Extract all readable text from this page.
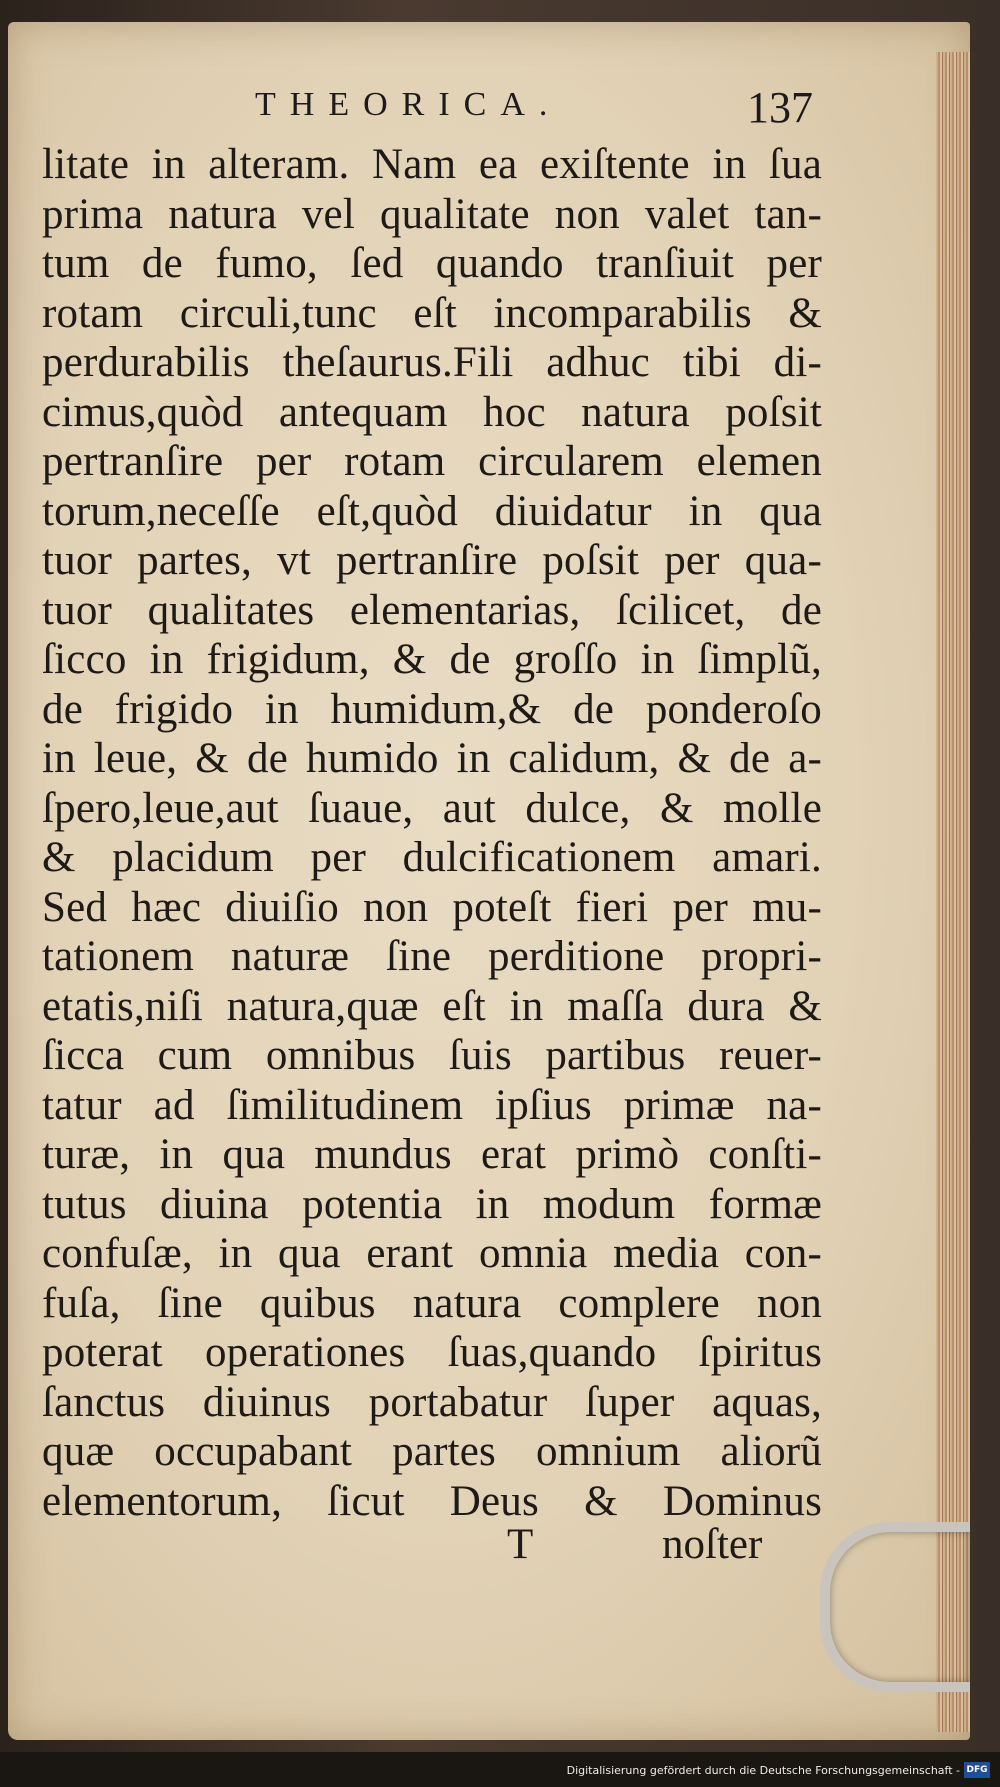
THEORICA.	137
litate in alteram. Nam ea exiſtente in ſua
prima natura vel qualitate non valet tan-
tum de fumo, ſed quando tranſiuit per
rotam circuli,tunc eſt incomparabilis &
perdurabilis theſaurus.Fili adhuc tibi di-
cimus,quòd antequam hoc natura poſsit
pertranſire per rotam circularem elemen
torum,neceſſe eſt,quòd diuidatur in qua
tuor partes, vt pertranſire poſsit per qua-
tuor qualitates elementarias, ſcilicet, de
ſicco in frigidum, & de groſſo in ſimplũ,
de frigido in humidum,& de ponderoſo
in leue, & de humido in calidum, & de a-
ſpero,leue,aut ſuaue, aut dulce, & molle
& placidum per dulcificationem amari.
Sed hæc diuiſio non poteſt fieri per mu-
tationem naturæ ſine perditione propri-
etatis,niſi natura,quæ eſt in maſſa dura &
ſicca cum omnibus ſuis partibus reuer-
tatur ad ſimilitudinem ipſius primæ na-
turæ, in qua mundus erat primò conſti-
tutus diuina potentia in modum formæ
confuſæ, in qua erant omnia media con-
fuſa, ſine quibus natura complere non
poterat operationes ſuas,quando ſpiritus
ſanctus diuinus portabatur ſuper aquas,
quæ occupabant partes omnium aliorũ
elementorum, ſicut Deus & Dominus
T	noſter
Digitalisierung gefördert durch die Deutsche Forschungsgemeinschaft - DFG
